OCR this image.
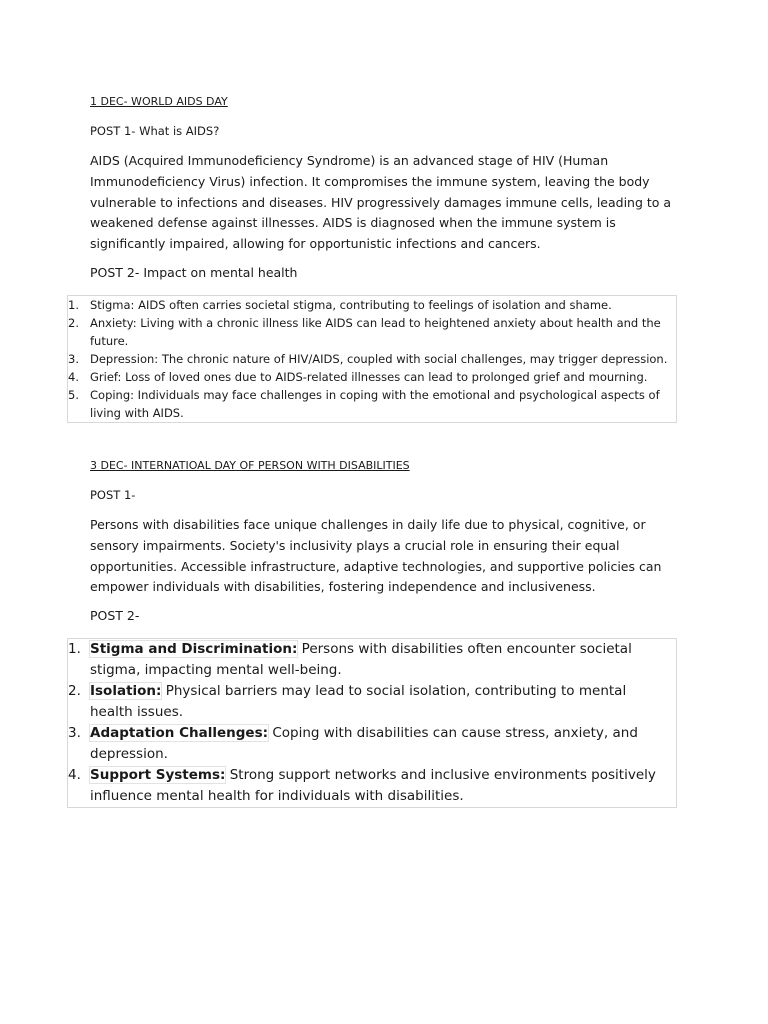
1 DEC- WORLD AIDS DAY
POST 1- What is AIDS?
AIDS (Acquired Immunodeficiency Syndrome) is an advanced stage of HIV (Human Immunodeficiency Virus) infection. It compromises the immune system, leaving the body vulnerable to infections and diseases. HIV progressively damages immune cells, leading to a weakened defense against illnesses. AIDS is diagnosed when the immune system is significantly impaired, allowing for opportunistic infections and cancers.
POST 2- Impact on mental health
1. Stigma: AIDS often carries societal stigma, contributing to feelings of isolation and shame.
2. Anxiety: Living with a chronic illness like AIDS can lead to heightened anxiety about health and the future.
3. Depression: The chronic nature of HIV/AIDS, coupled with social challenges, may trigger depression.
4. Grief: Loss of loved ones due to AIDS-related illnesses can lead to prolonged grief and mourning.
5. Coping: Individuals may face challenges in coping with the emotional and psychological aspects of living with AIDS.
3 DEC- INTERNATIOAL DAY OF PERSON WITH DISABILITIES
POST 1-
Persons with disabilities face unique challenges in daily life due to physical, cognitive, or sensory impairments. Society's inclusivity plays a crucial role in ensuring their equal opportunities. Accessible infrastructure, adaptive technologies, and supportive policies can empower individuals with disabilities, fostering independence and inclusiveness.
POST 2-
1. Stigma and Discrimination: Persons with disabilities often encounter societal stigma, impacting mental well-being.
2. Isolation: Physical barriers may lead to social isolation, contributing to mental health issues.
3. Adaptation Challenges: Coping with disabilities can cause stress, anxiety, and depression.
4. Support Systems: Strong support networks and inclusive environments positively influence mental health for individuals with disabilities.
